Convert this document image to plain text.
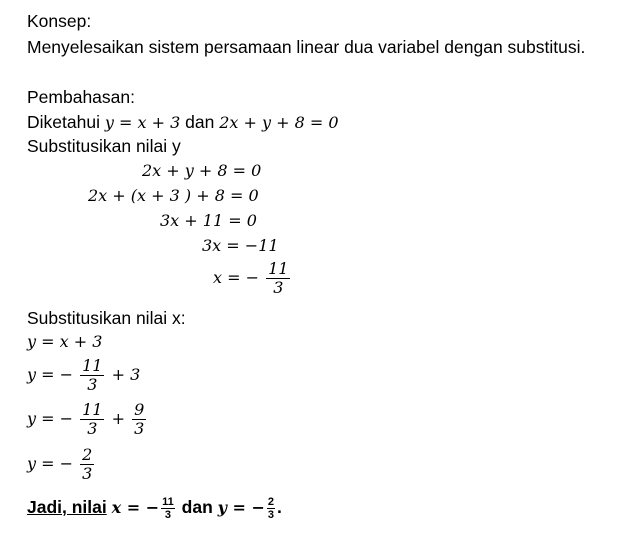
Konsep:
Menyelesaikan sistem persamaan linear dua variabel dengan substitusi.
Pembahasan:
Diketahui y = x + 3 dan 2x + y + 8 = 0
Substitusikan nilai y
2x + y + 8 = 0
2x + (x + 3 ) + 8 = 0
3x + 11 = 0
3x = −11
x = − $\frac{11}{3}$
Substitusikan nilai x:
y = x + 3
y = − $\frac{11}{3} + 3$
y = − $\frac{11}{3} + \frac{9}{3}$
y = − $\frac{2}{3}$
Jadi, nilai x = − $\frac{11}{3}$ dan y = − $\frac{2}{3}$ .
